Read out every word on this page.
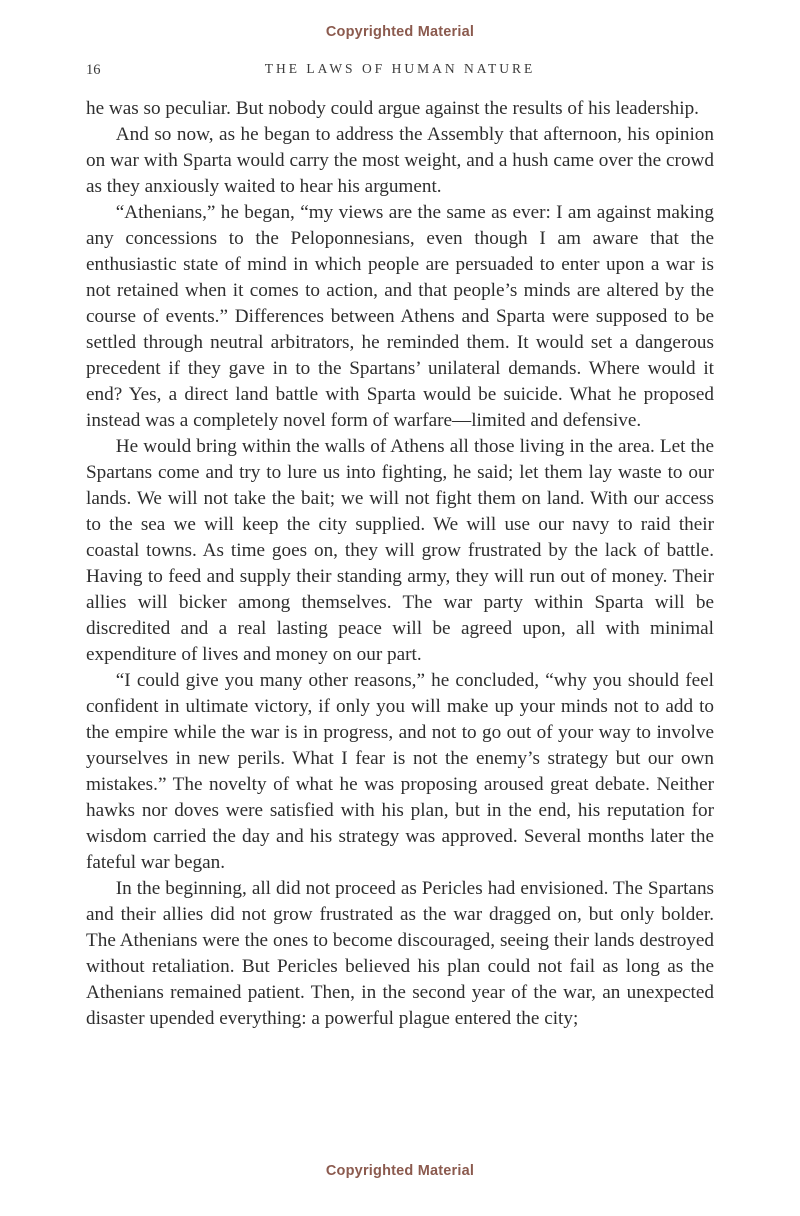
Copyrighted Material
16	THE LAWS OF HUMAN NATURE

he was so peculiar. But nobody could argue against the results of his leadership.

And so now, as he began to address the Assembly that afternoon, his opinion on war with Sparta would carry the most weight, and a hush came over the crowd as they anxiously waited to hear his argument.

“Athenians,” he began, “my views are the same as ever: I am against making any concessions to the Peloponnesians, even though I am aware that the enthusiastic state of mind in which people are persuaded to enter upon a war is not retained when it comes to action, and that people’s minds are altered by the course of events.” Differences between Athens and Sparta were supposed to be settled through neutral arbitrators, he reminded them. It would set a dangerous precedent if they gave in to the Spartans’ unilateral demands. Where would it end? Yes, a direct land battle with Sparta would be suicide. What he proposed instead was a completely novel form of warfare—limited and defensive.

He would bring within the walls of Athens all those living in the area. Let the Spartans come and try to lure us into fighting, he said; let them lay waste to our lands. We will not take the bait; we will not fight them on land. With our access to the sea we will keep the city supplied. We will use our navy to raid their coastal towns. As time goes on, they will grow frustrated by the lack of battle. Having to feed and supply their standing army, they will run out of money. Their allies will bicker among themselves. The war party within Sparta will be discredited and a real lasting peace will be agreed upon, all with minimal expenditure of lives and money on our part.

“I could give you many other reasons,” he concluded, “why you should feel confident in ultimate victory, if only you will make up your minds not to add to the empire while the war is in progress, and not to go out of your way to involve yourselves in new perils. What I fear is not the enemy’s strategy but our own mistakes.” The novelty of what he was proposing aroused great debate. Neither hawks nor doves were satisfied with his plan, but in the end, his reputation for wisdom carried the day and his strategy was approved. Several months later the fateful war began.

In the beginning, all did not proceed as Pericles had envisioned. The Spartans and their allies did not grow frustrated as the war dragged on, but only bolder. The Athenians were the ones to become discouraged, seeing their lands destroyed without retaliation. But Pericles believed his plan could not fail as long as the Athenians remained patient. Then, in the second year of the war, an unexpected disaster upended everything: a powerful plague entered the city;

Copyrighted Material
